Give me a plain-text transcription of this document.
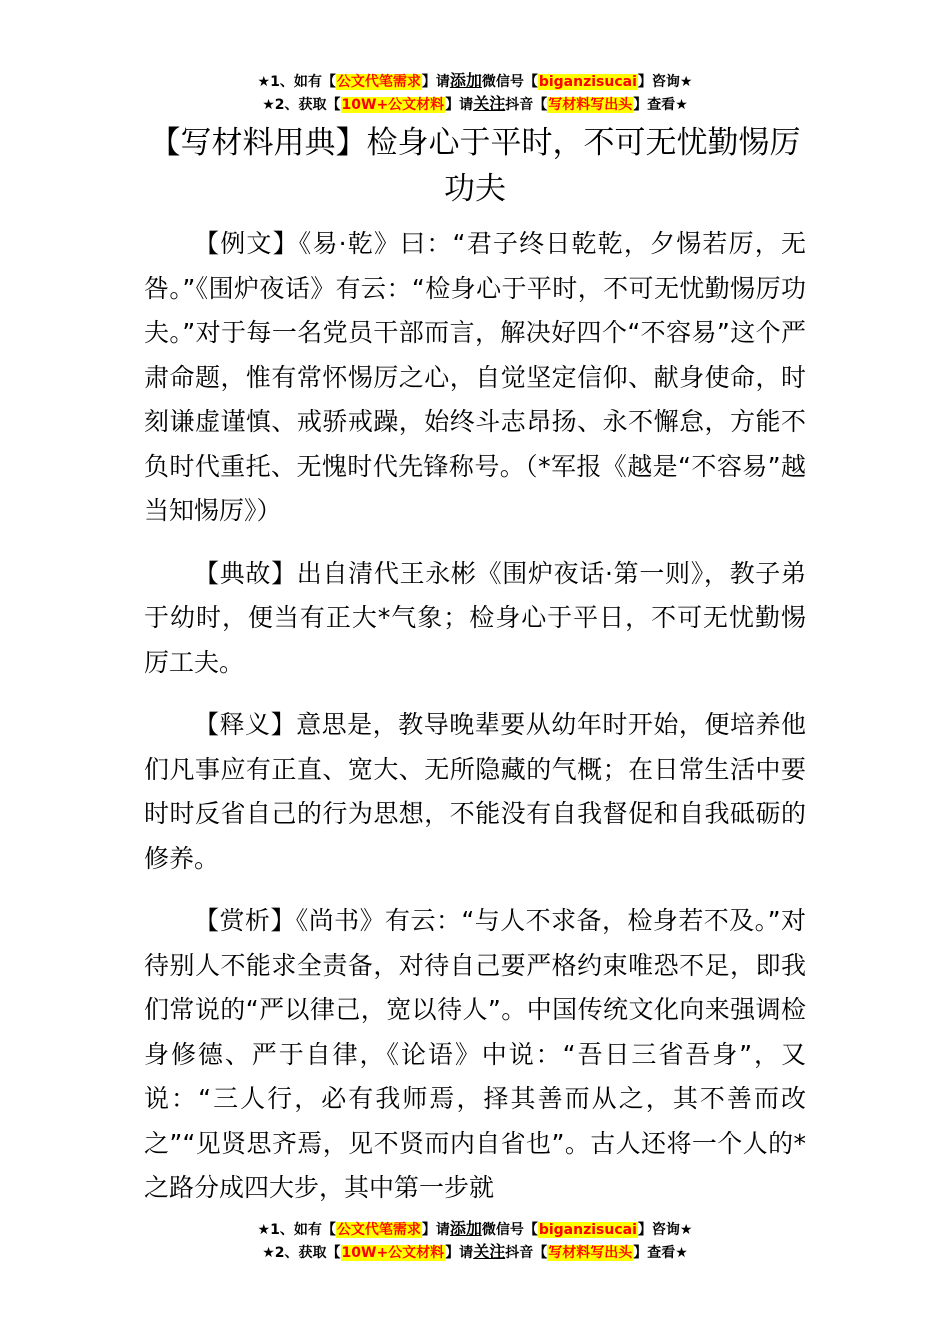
★1、如有【公文代笔需求】请添加微信号【biganzisucai】咨询★
★2、获取【10W+公文材料】请关注抖音【写材料写出头】查看★
【写材料用典】检身心于平时，不可无忧勤惕厉功夫

【例文】《易·乾》曰：“君子终日乾乾，夕惕若厉，无咎。”《围炉夜话》有云：“检身心于平时，不可无忧勤惕厉功夫。”对于每一名党员干部而言，解决好四个“不容易”这个严肃命题，惟有常怀惕厉之心，自觉坚定信仰、献身使命，时刻谦虚谨慎、戒骄戒躁，始终斗志昂扬、永不懈怠，方能不负时代重托、无愧时代先锋称号。（*军报《越是“不容易”越当知惕厉》）

【典故】出自清代王永彬《围炉夜话·第一则》，教子弟于幼时，便当有正大*气象；检身心于平日，不可无忧勤惕厉工夫。

【释义】意思是，教导晚辈要从幼年时开始，便培养他们凡事应有正直、宽大、无所隐藏的气概；在日常生活中要时时反省自己的行为思想，不能没有自我督促和自我砥砺的修养。

【赏析】《尚书》有云：“与人不求备，检身若不及。”对待别人不能求全责备，对待自己要严格约束唯恐不足，即我们常说的“严以律己，宽以待人”。中国传统文化向来强调检身修德、严于自律，《论语》中说：“吾日三省吾身”，又说：“三人行，必有我师焉，择其善而从之，其不善而改之”“见贤思齐焉，见不贤而内自省也”。古人还将一个人的*之路分成四大步，其中第一步就

★1、如有【公文代笔需求】请添加微信号【biganzisucai】咨询★
★2、获取【10W+公文材料】请关注抖音【写材料写出头】查看★
